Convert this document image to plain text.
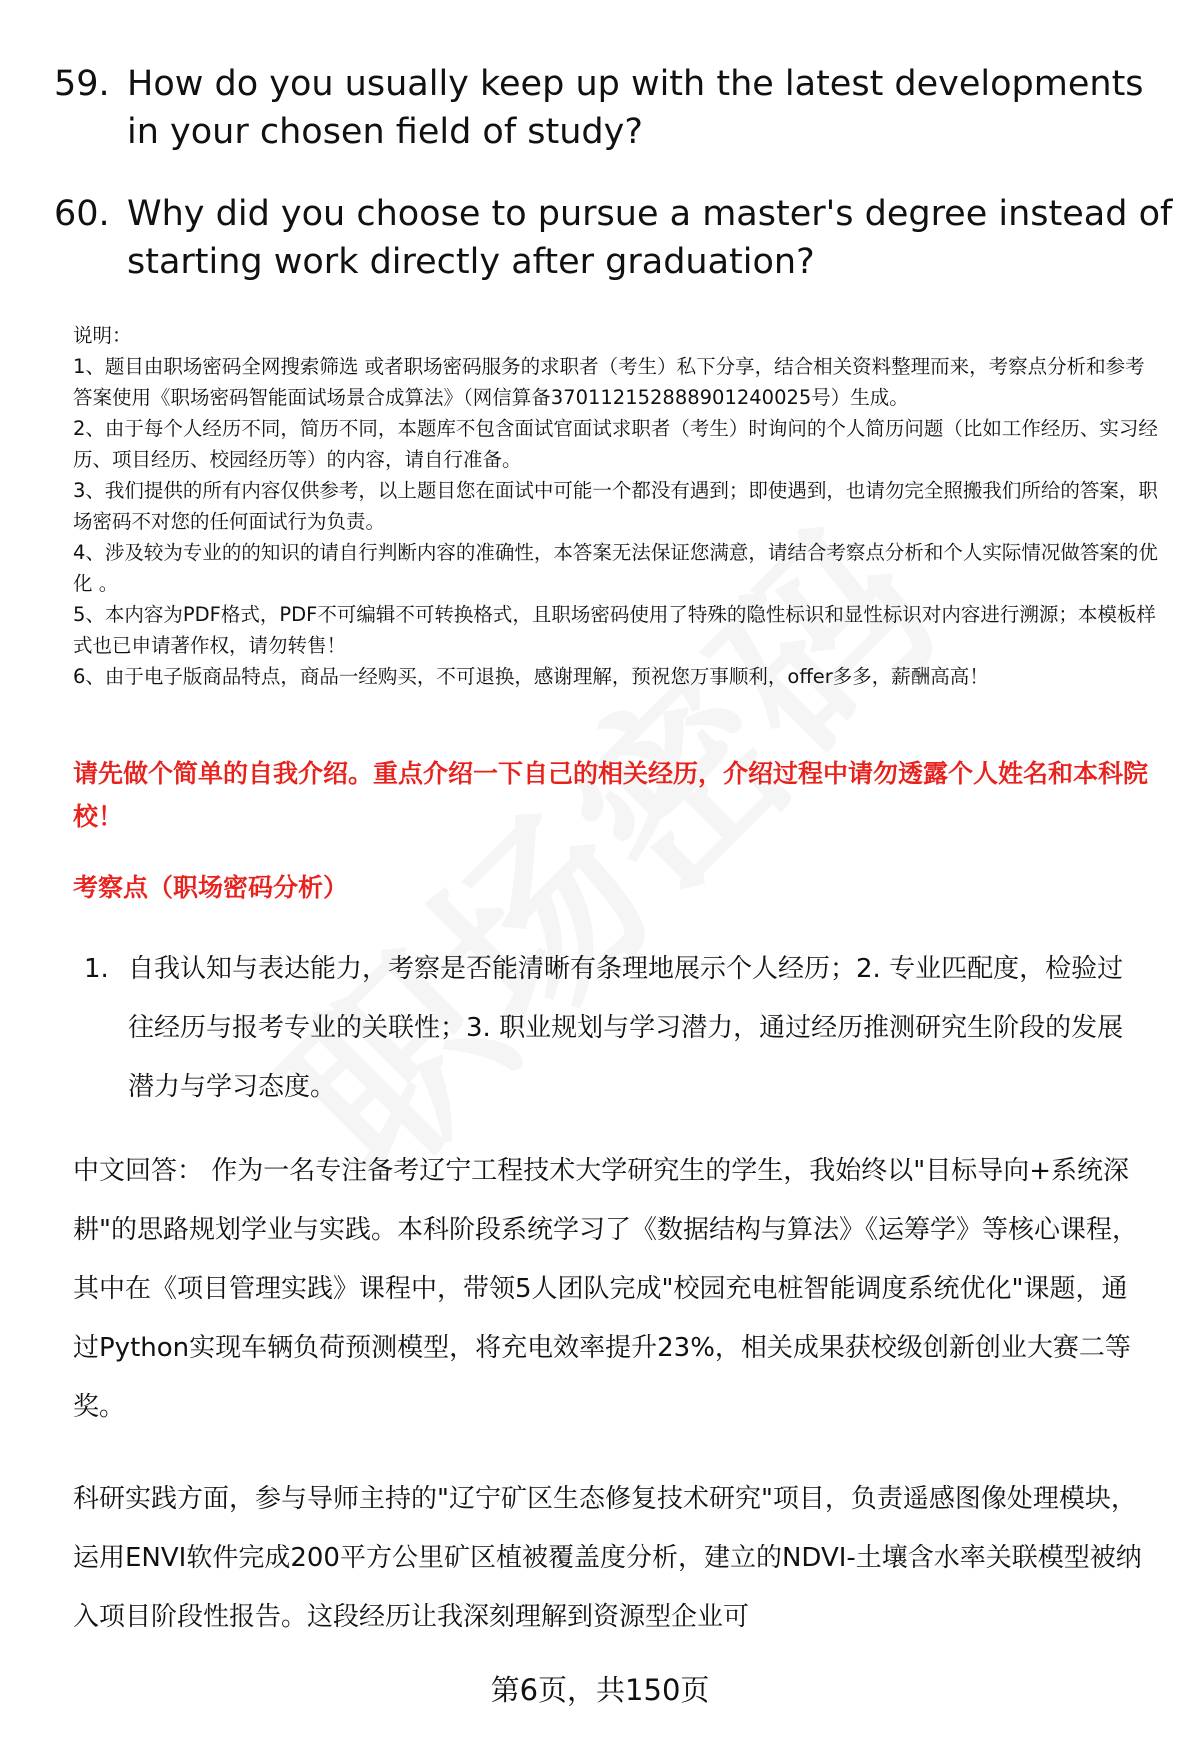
59. How do you usually keep up with the latest developments in your chosen field of study?
60. Why did you choose to pursue a master's degree instead of starting work directly after graduation?
说明：
1、题目由职场密码全网搜索筛选 或者职场密码服务的求职者（考生）私下分享，结合相关资料整理而来，考察点分析和参考答案使用《职场密码智能面试场景合成算法》（网信算备370112152888901240025号）生成。
2、由于每个人经历不同，简历不同，本题库不包含面试官面试求职者（考生）时询问的个人简历问题（比如工作经历、实习经历、项目经历、校园经历等）的内容，请自行准备。
3、我们提供的所有内容仅供参考，以上题目您在面试中可能一个都没有遇到；即使遇到，也请勿完全照搬我们所给的答案，职场密码不对您的任何面试行为负责。
4、涉及较为专业的的知识的请自行判断内容的准确性，本答案无法保证您满意，请结合考察点分析和个人实际情况做答案的优化 。
5、本内容为PDF格式，PDF不可编辑不可转换格式，且职场密码使用了特殊的隐性标识和显性标识对内容进行溯源；本模板样式也已申请著作权，请勿转售！
6、由于电子版商品特点，商品一经购买，不可退换，感谢理解，预祝您万事顺利，offer多多，薪酬高高！
请先做个简单的自我介绍。重点介绍一下自己的相关经历，介绍过程中请勿透露个人姓名和本科院校！
考察点（职场密码分析）
1. 自我认知与表达能力，考察是否能清晰有条理地展示个人经历；2. 专业匹配度，检验过往经历与报考专业的关联性；3. 职业规划与学习潜力，通过经历推测研究生阶段的发展潜力与学习态度。
中文回答： 作为一名专注备考辽宁工程技术大学研究生的学生，我始终以"目标导向+系统深耕"的思路规划学业与实践。本科阶段系统学习了《数据结构与算法》《运筹学》等核心课程，其中在《项目管理实践》课程中，带领5人团队完成"校园充电桩智能调度系统优化"课题，通过Python实现车辆负荷预测模型，将充电效率提升23%，相关成果获校级创新创业大赛二等奖。
科研实践方面，参与导师主持的"辽宁矿区生态修复技术研究"项目，负责遥感图像处理模块，运用ENVI软件完成200平方公里矿区植被覆盖度分析，建立的NDVI-土壤含水率关联模型被纳入项目阶段性报告。这段经历让我深刻理解到资源型企业可
第6页，共150页
